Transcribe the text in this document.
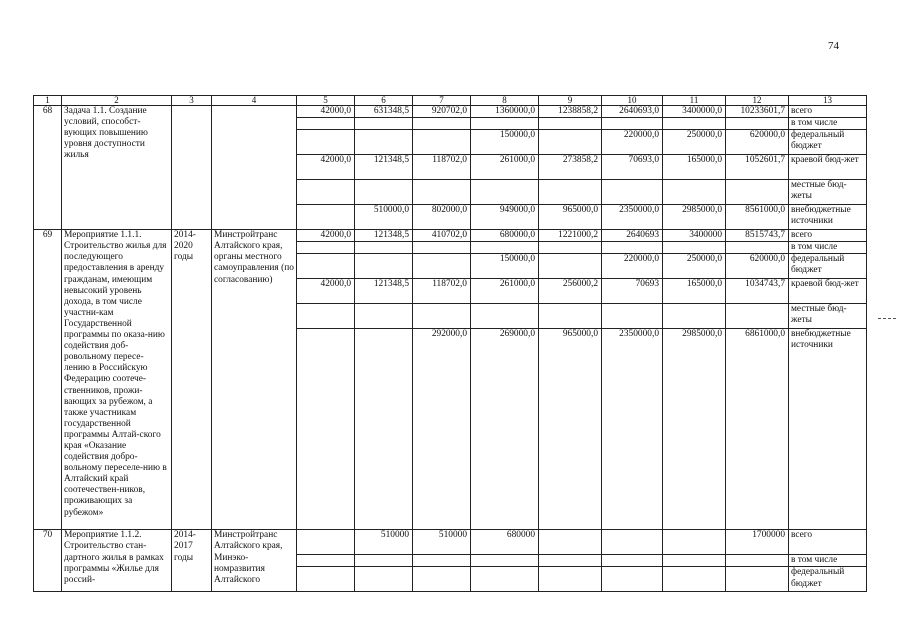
74
1	2	3	4	5	6	7	8	9	10	11	12	13
68	Задача 1.1. Создание условий, способст-вующих повышению уровня доступности жилья			42000,0	631348,5	920702,0	1360000,0	1238858,2	2640693,0	3400000,0	10233601,7	всего
												в том числе
							150000,0		220000,0	250000,0	620000,0	федеральный бюджет
				42000,0	121348,5	118702,0	261000,0	273858,2	70693,0	165000,0	1052601,7	краевой бюд-жет
												местные бюд-жеты
					510000,0	802000,0	949000,0	965000,0	2350000,0	2985000,0	8561000,0	внебюджетные источники
69	Мероприятие 1.1.1. Строительство жилья для последующего предоставления в аренду гражданам, имеющим невысокий уровень дохода, в том числе участни-кам Государственной программы по оказа-нию содействия доб-ровольному пересе-лению в Российскую Федерацию соотече-ственников, прожи-вающих за рубежом, а также участникам государственной программы Алтай-ского края «Оказание содействия добро-вольному переселе-нию в Алтайский край соотечествен-ников, проживающих за рубежом»	2014-2020 годы	Минстройтранс Алтайского края, органы местного самоуправления (по согласованию)	42000,0	121348,5	410702,0	680000,0	1221000,2	2640693	3400000	8515743,7	всего
												в том числе
							150000,0		220000,0	250000,0	620000,0	федеральный бюджет
				42000,0	121348,5	118702,0	261000,0	256000,2	70693	165000,0	1034743,7	краевой бюд-жет
												местные бюд-жеты
						292000,0	269000,0	965000,0	2350000,0	2985000,0	6861000,0	внебюджетные источники
70	Мероприятие 1.1.2. Строительство стан-дартного жилья в рамках программы «Жилье для россий-	2014-2017 годы	Минстройтранс Алтайского края, Минэко-номразвития Алтайского		510000	510000	680000				1700000	всего
												в том числе
												федеральный бюджет
